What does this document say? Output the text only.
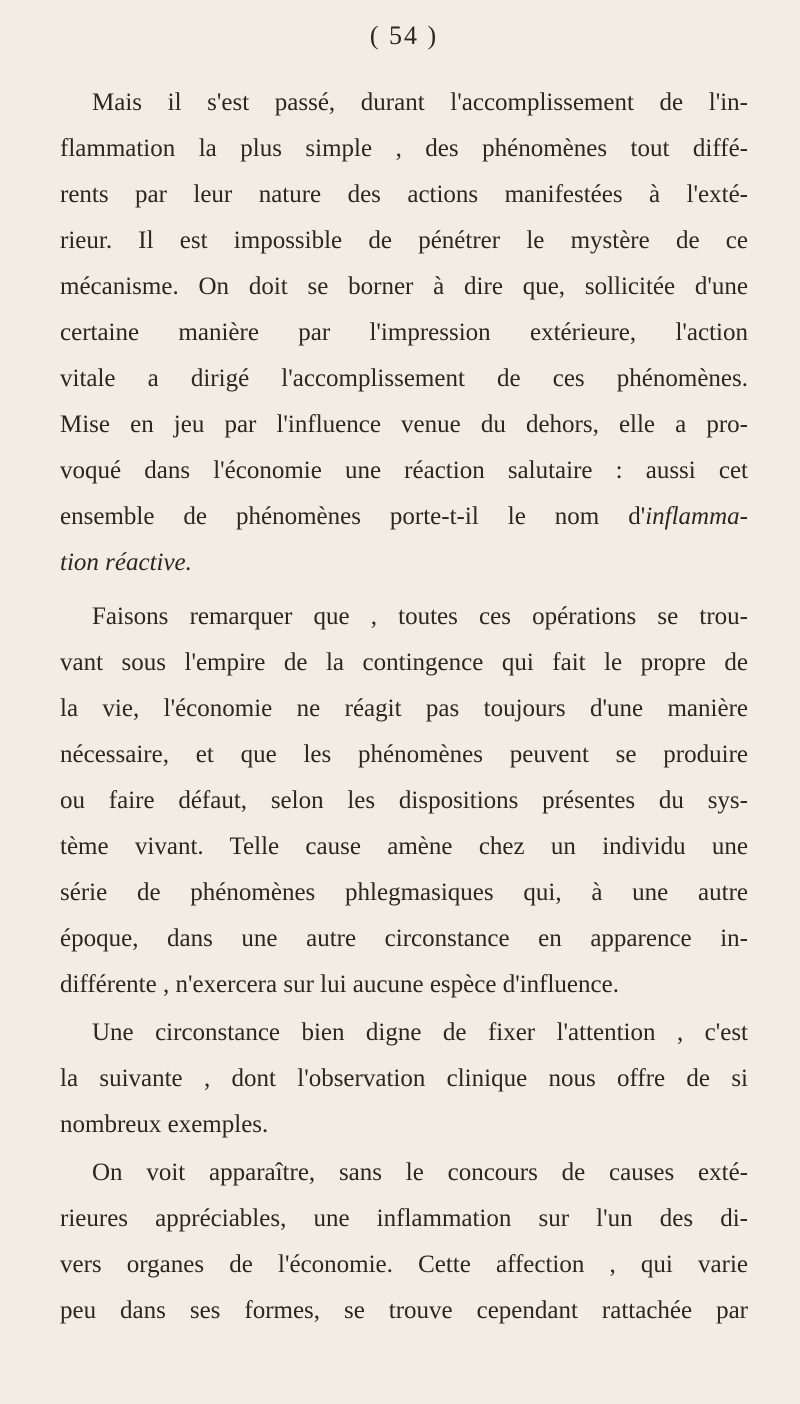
( 54 )
Mais il s'est passé, durant l'accomplissement de l'in-
flammation la plus simple , des phénomènes tout diffé-
rents par leur nature des actions manifestées à l'exté-
rieur. Il est impossible de pénétrer le mystère de ce
mécanisme. On doit se borner à dire que, sollicitée d'une
certaine manière par l'impression extérieure, l'action
vitale a dirigé l'accomplissement de ces phénomènes.
Mise en jeu par l'influence venue du dehors, elle a pro-
voqué dans l'économie une réaction salutaire : aussi cet
ensemble de phénomènes porte-t-il le nom d'inflamma-
tion réactive.
Faisons remarquer que , toutes ces opérations se trou-
vant sous l'empire de la contingence qui fait le propre de
la vie, l'économie ne réagit pas toujours d'une manière
nécessaire, et que les phénomènes peuvent se produire
ou faire défaut, selon les dispositions présentes du sys-
tème vivant. Telle cause amène chez un individu une
série de phénomènes phlegmasiques qui, à une autre
époque, dans une autre circonstance en apparence in-
différente , n'exercera sur lui aucune espèce d'influence.
Une circonstance bien digne de fixer l'attention , c'est
la suivante , dont l'observation clinique nous offre de si
nombreux exemples.
On voit apparaître, sans le concours de causes exté-
rieures appréciables, une inflammation sur l'un des di-
vers organes de l'économie. Cette affection , qui varie
peu dans ses formes, se trouve cependant rattachée par
